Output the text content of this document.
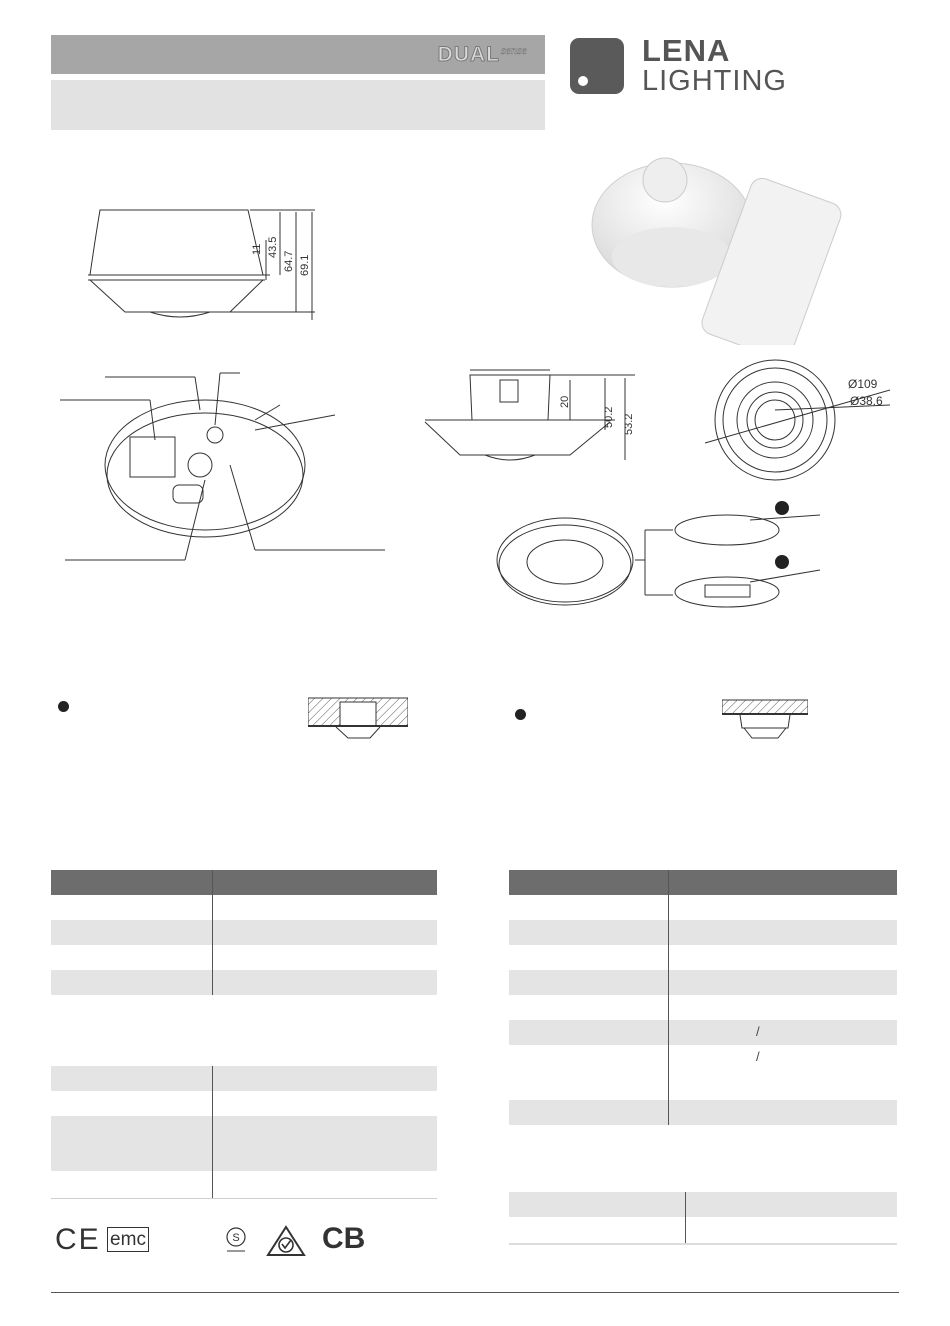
DUAL sense	LENA
LIGHTING
11 43.5
64.7 69.1
20
50.2 53.2
Ø109
Ø38.6
/
/
CE emc	S	CB
